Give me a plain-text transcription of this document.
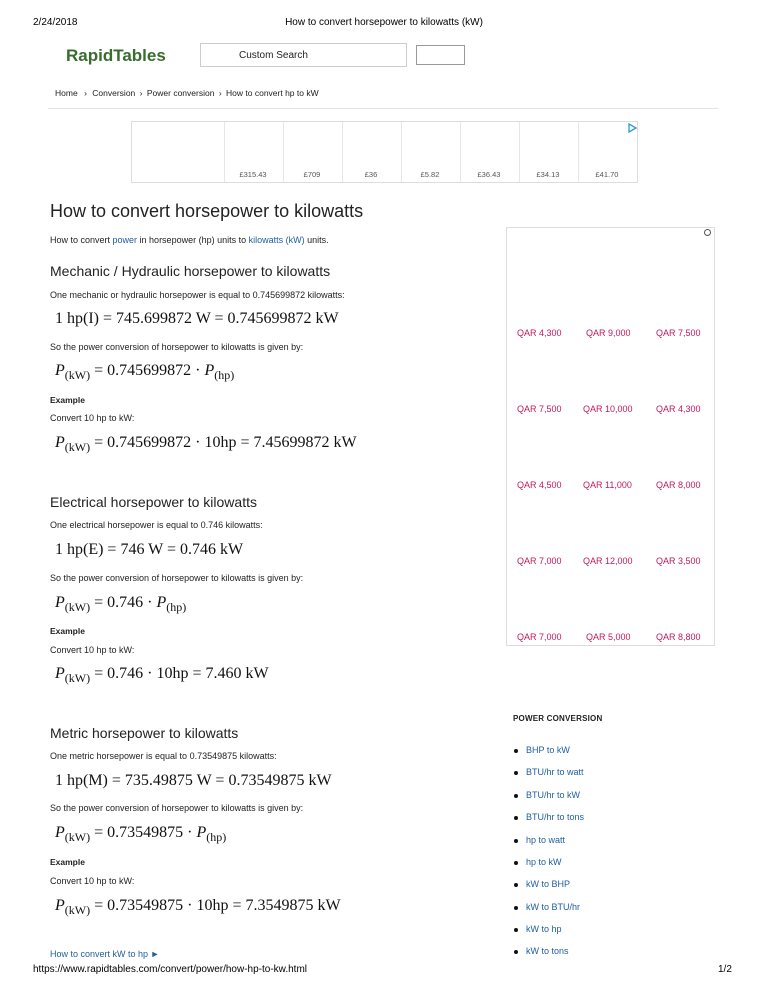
2/24/2018	How to convert horsepower to kilowatts (kW)
RapidTables	Custom Search
Home › Conversion › Power conversion › How to convert hp to kW
£315.43	£709	£36	£5.82	£36.43	£34.13	£41.70
How to convert horsepower to kilowatts
How to convert power in horsepower (hp) units to kilowatts (kW) units.
Mechanic / Hydraulic horsepower to kilowatts
One mechanic or hydraulic horsepower is equal to 0.745699872 kilowatts:
1 hp(I) = 745.699872 W = 0.745699872 kW
So the power conversion of horsepower to kilowatts is given by:
$P_{(kW)} = 0.745699872 \cdot P_{(hp)}$
Example
Convert 10 hp to kW:
$P_{(kW)} = 0.745699872 \cdot 10hp = 7.45699872$ kW
Electrical horsepower to kilowatts
One electrical horsepower is equal to 0.746 kilowatts:
1 hp(E) = 746 W = 0.746 kW
So the power conversion of horsepower to kilowatts is given by:
$P_{(kW)} = 0.746 \cdot P_{(hp)}$
Example
Convert 10 hp to kW:
$P_{(kW)} = 0.746 \cdot 10hp = 7.460$ kW
Metric horsepower to kilowatts
One metric horsepower is equal to 0.73549875 kilowatts:
1 hp(M) = 735.49875 W = 0.73549875 kW
So the power conversion of horsepower to kilowatts is given by:
$P_{(kW)} = 0.73549875 \cdot P_{(hp)}$
Example
Convert 10 hp to kW:
$P_{(kW)} = 0.73549875 \cdot 10hp = 7.3549875$ kW
How to convert kW to hp ►
QAR 4,300	QAR 9,000	QAR 7,500
QAR 7,500 QAR 10,000	QAR 4,300
QAR 4,500 QAR 11,000	QAR 8,000
QAR 7,000 QAR 12,000	QAR 3,500
QAR 7,000	QAR 5,000	QAR 8,800
POWER CONVERSION
BHP to kW
BTU/hr to watt
BTU/hr to kW
BTU/hr to tons
hp to watt
hp to kW
kW to BHP
kW to BTU/hr
kW to hp
kW to tons
https://www.rapidtables.com/convert/power/how-hp-to-kw.html	1/2
